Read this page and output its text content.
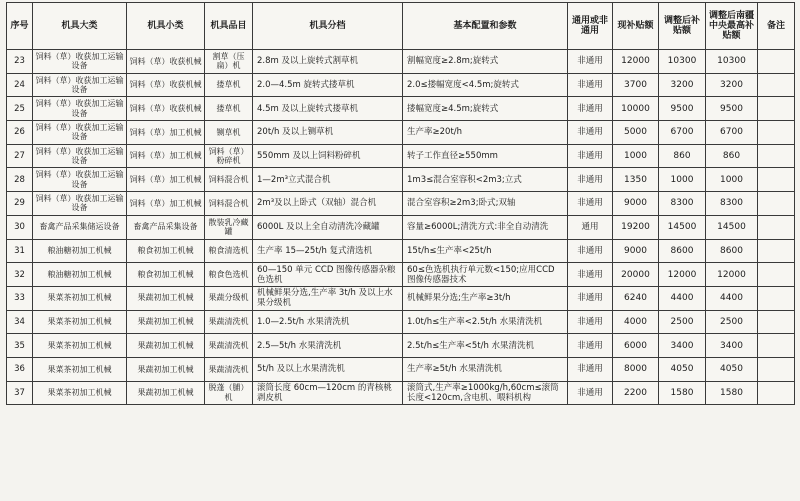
序号	机具大类	机具小类	机具品目	机具分档	基本配置和参数	通用或非通用	现补贴额	调整后补贴额	调整后南疆中央最高补贴额	备注
23	饲料（草）收获加工运输设备	饲料（草）收获机械	割草（压扁）机	2.8m 及以上旋转式割草机	割幅宽度≥2.8m;旋转式	非通用	12000	10300	10300	
24	饲料（草）收获加工运输设备	饲料（草）收获机械	搂草机	2.0—4.5m 旋转式搂草机	2.0≤搂幅宽度<4.5m;旋转式	非通用	3700	3200	3200	
25	饲料（草）收获加工运输设备	饲料（草）收获机械	搂草机	4.5m 及以上旋转式搂草机	搂幅宽度≥4.5m;旋转式	非通用	10000	9500	9500	
26	饲料（草）收获加工运输设备	饲料（草）加工机械	铡草机	20t/h 及以上铡草机	生产率≥20t/h	非通用	5000	6700	6700	
27	饲料（草）收获加工运输设备	饲料（草）加工机械	饲料（草）粉碎机	550mm 及以上饲料粉碎机	转子工作直径≥550mm	非通用	1000	860	860	
28	饲料（草）收获加工运输设备	饲料（草）加工机械	饲料混合机	1—2m³立式混合机	1m3≤混合室容积<2m3;立式	非通用	1350	1000	1000	
29	饲料（草）收获加工运输设备	饲料（草）加工机械	饲料混合机	2m³及以上卧式（双轴）混合机	混合室容积≥2m3;卧式;双轴	非通用	9000	8300	8300	
30	畜禽产品采集储运设备	畜禽产品采集设备	散装乳冷藏罐	6000L 及以上全自动清洗冷藏罐	容量≥6000L;清洗方式:非全自动清洗	通用	19200	14500	14500	
31	粮油糖初加工机械	粮食初加工机械	粮食清选机	生产率 15—25t/h 复式清选机	15t/h≤生产率<25t/h	非通用	9000	8600	8600	
32	粮油糖初加工机械	粮食初加工机械	粮食色选机	60—150 单元 CCD 图像传感器杂粮色选机	60≤色选机执行单元数<150;应用CCD 图像传感器技术	非通用	20000	12000	12000	
33	果菜茶初加工机械	果蔬初加工机械	果蔬分级机	机械鲜果分选,生产率 3t/h 及以上水果分级机	机械鲜果分选;生产率≥3t/h	非通用	6240	4400	4400	
34	果菜茶初加工机械	果蔬初加工机械	果蔬清洗机	1.0—2.5t/h 水果清洗机	1.0t/h≤生产率<2.5t/h 水果清洗机	非通用	4000	2500	2500	
35	果菜茶初加工机械	果蔬初加工机械	果蔬清洗机	2.5—5t/h 水果清洗机	2.5t/h≤生产率<5t/h 水果清洗机	非通用	6000	3400	3400	
36	果菜茶初加工机械	果蔬初加工机械	果蔬清洗机	5t/h 及以上水果清洗机	生产率≥5t/h 水果清洗机	非通用	8000	4050	4050	
37	果菜茶初加工机械	果蔬初加工机械	脱蓬（脯）机	滚筒长度 60cm—120cm 的青核桃剥皮机	滚筒式,生产率≥1000kg/h,60cm≤滚筒长度<120cm,含电机、喂料机构	非通用	2200	1580	1580	
